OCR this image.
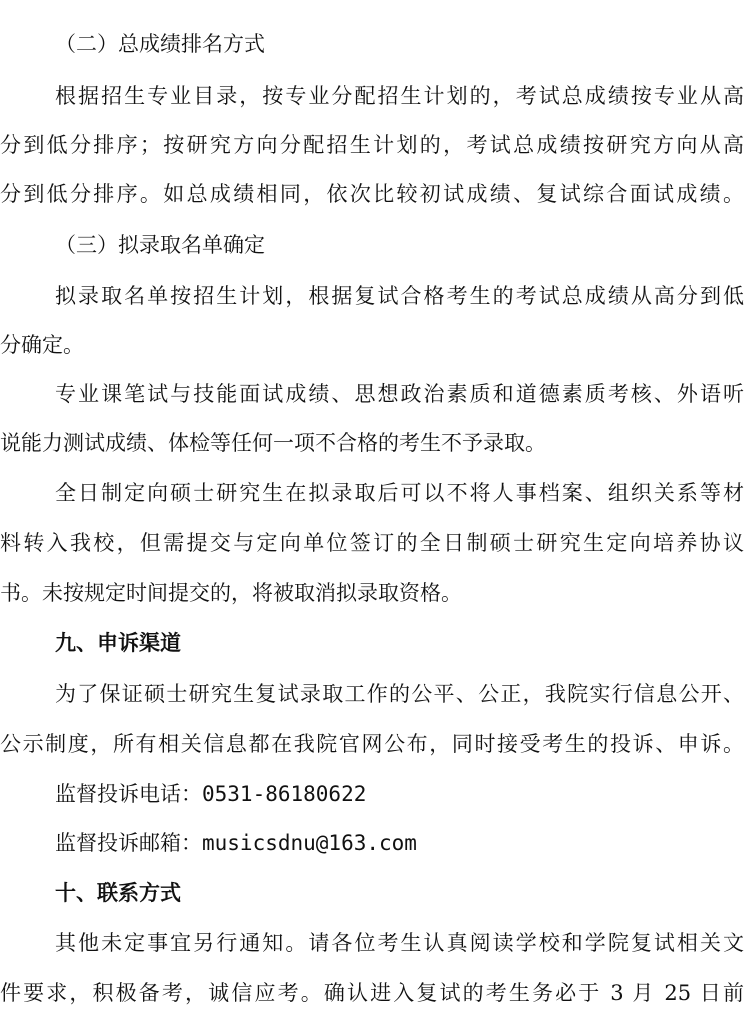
（二）总成绩排名方式
根据招生专业目录，按专业分配招生计划的，考试总成绩按专业从高
分到低分排序；按研究方向分配招生计划的，考试总成绩按研究方向从高
分到低分排序。如总成绩相同，依次比较初试成绩、复试综合面试成绩。
（三）拟录取名单确定
拟录取名单按招生计划，根据复试合格考生的考试总成绩从高分到低
分确定。
专业课笔试与技能面试成绩、思想政治素质和道德素质考核、外语听
说能力测试成绩、体检等任何一项不合格的考生不予录取。
全日制定向硕士研究生在拟录取后可以不将人事档案、组织关系等材
料转入我校，但需提交与定向单位签订的全日制硕士研究生定向培养协议
书。未按规定时间提交的，将被取消拟录取资格。
九、申诉渠道
为了保证硕士研究生复试录取工作的公平、公正，我院实行信息公开、
公示制度，所有相关信息都在我院官网公布，同时接受考生的投诉、申诉。
监督投诉电话：0531-86180622
监督投诉邮箱：musicsdnu@163.com
十、联系方式
其他未定事宜另行通知。请各位考生认真阅读学校和学院复试相关文
件要求，积极备考，诚信应考。确认进入复试的考生务必于 3 月 25 日前
